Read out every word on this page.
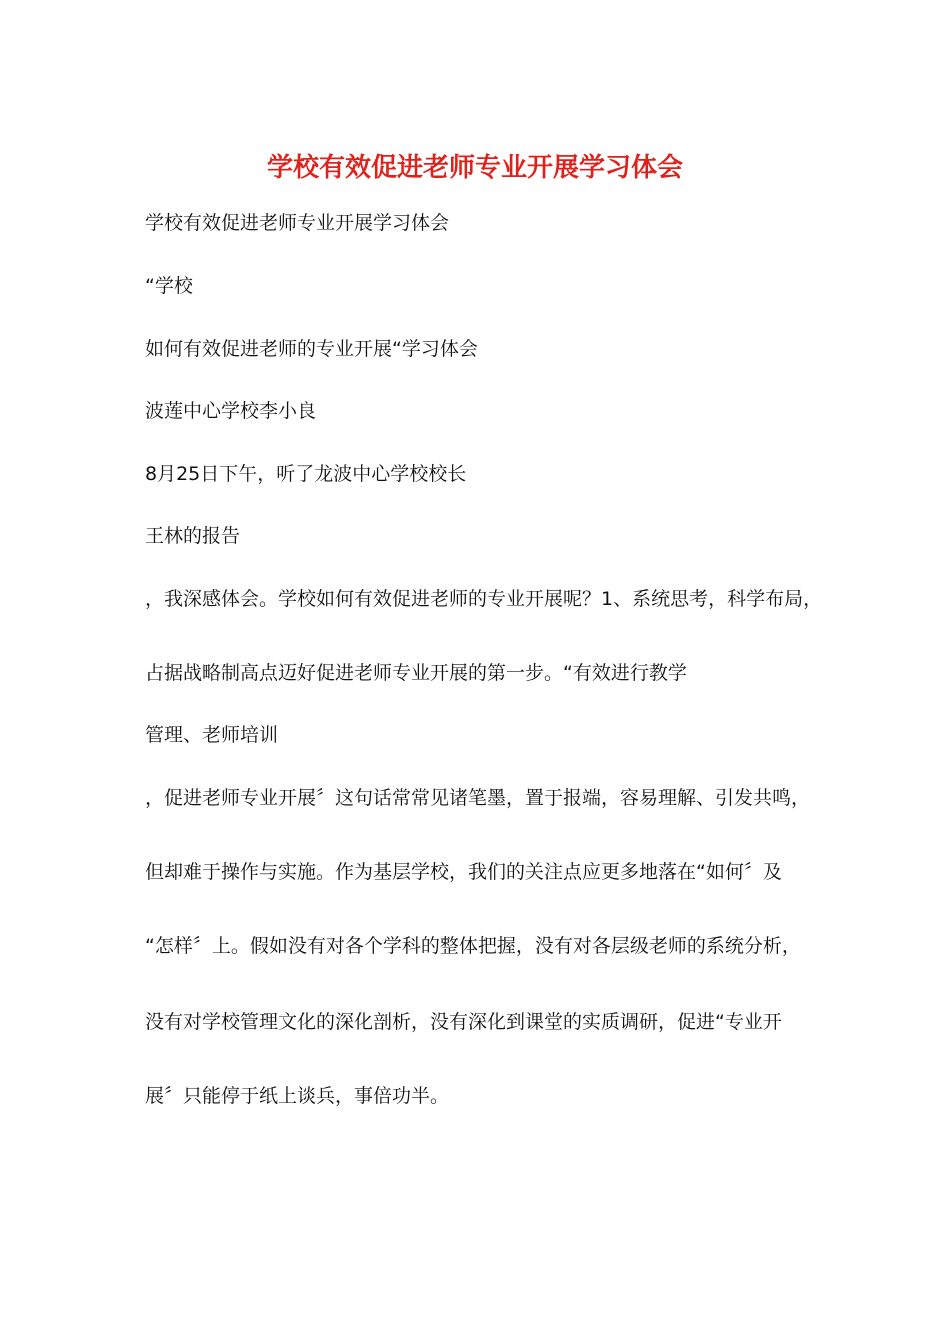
学校有效促进老师专业开展学习体会

学校有效促进老师专业开展学习体会

“学校

如何有效促进老师的专业开展“学习体会

波莲中心学校李小良

8月25日下午，听了龙波中心学校校长

王林的报告

，我深感体会。学校如何有效促进老师的专业开展呢？1、系统思考，科学布局，

占据战略制高点迈好促进老师专业开展的第一步。“有效进行教学

管理、老师培训

，促进老师专业开展〞这句话常常见诸笔墨，置于报端，容易理解、引发共鸣，

但却难于操作与实施。作为基层学校，我们的关注点应更多地落在“如何〞及

“怎样〞上。假如没有对各个学科的整体把握，没有对各层级老师的系统分析，

没有对学校管理文化的深化剖析，没有深化到课堂的实质调研，促进“专业开

展〞只能停于纸上谈兵，事倍功半。
